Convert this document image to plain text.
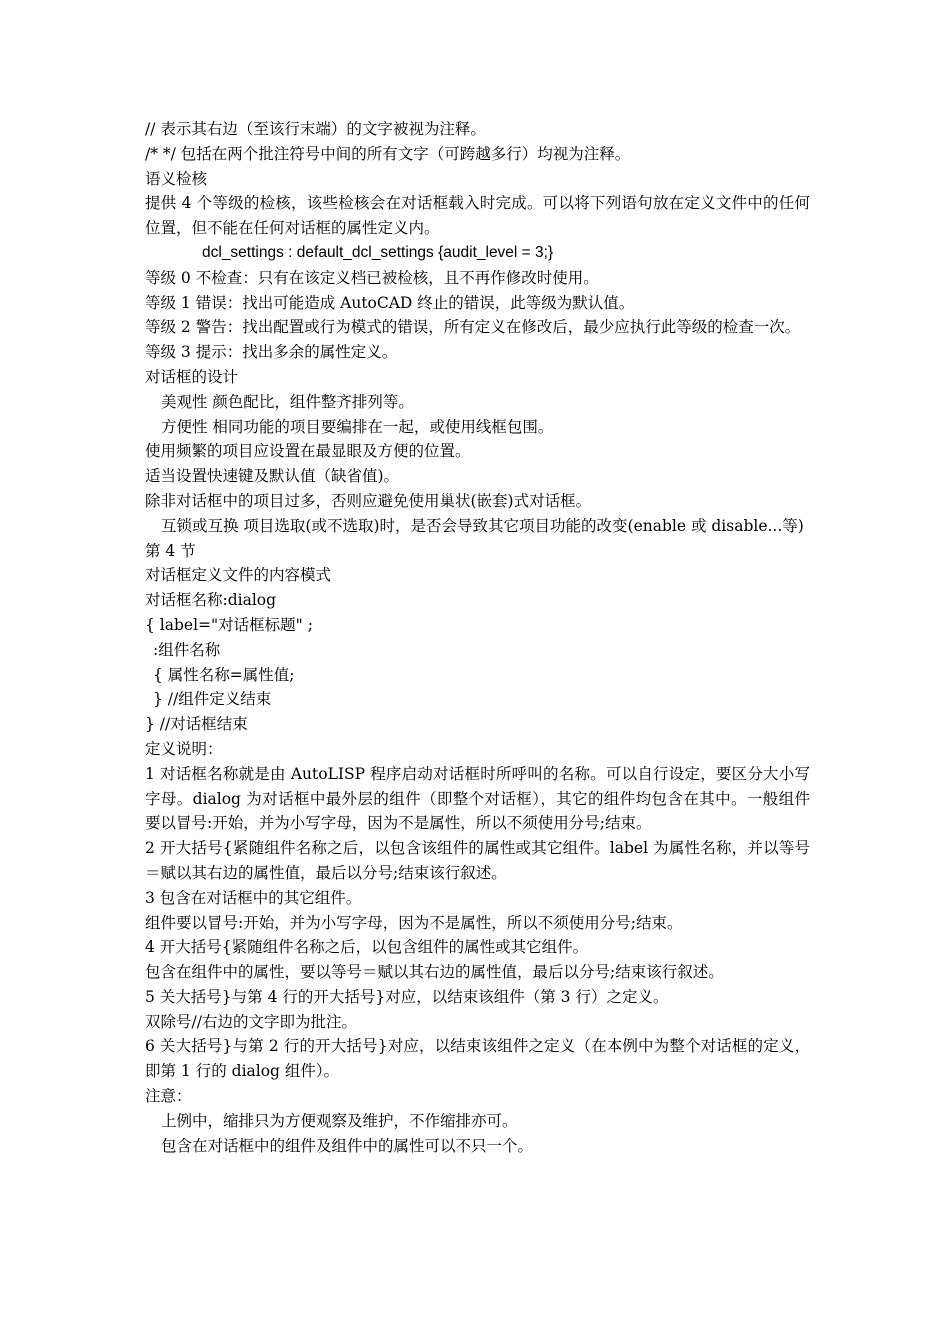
// 表示其右边（至该行末端）的文字被视为注释。
/* */ 包括在两个批注符号中间的所有文字（可跨越多行）均视为注释。
语义检核
提供 4 个等级的检核，该些检核会在对话框载入时完成。可以将下列语句放在定义文件中的任何位置，但不能在任何对话框的属性定义内。
dcl_settings : default_dcl_settings {audit_level = 3;}
等级 0 不检查：只有在该定义档已被检核，且不再作修改时使用。
等级 1 错误：找出可能造成 AutoCAD 终止的错误，此等级为默认值。
等级 2 警告：找出配置或行为模式的错误，所有定义在修改后，最少应执行此等级的检查一次。
等级 3 提示：找出多余的属性定义。
对话框的设计
美观性 颜色配比，组件整齐排列等。
方便性 相同功能的项目要编排在一起，或使用线框包围。
使用频繁的项目应设置在最显眼及方便的位置。
适当设置快速键及默认值（缺省值)。
除非对话框中的项目过多，否则应避免使用巢状(嵌套)式对话框。
互锁或互换 项目选取(或不选取)时，是否会导致其它项目功能的改变(enable 或 disable...等)
第 4 节
对话框定义文件的内容模式
对话框名称:dialog
{ label="对话框标题" ;
:组件名称
{ 属性名称=属性值;
} //组件定义结束
} //对话框结束
定义说明：
1 对话框名称就是由 AutoLISP 程序启动对话框时所呼叫的名称。可以自行设定，要区分大小写字母。dialog 为对话框中最外层的组件（即整个对话框），其它的组件均包含在其中。一般组件要以冒号:开始，并为小写字母，因为不是属性，所以不须使用分号;结束。
2 开大括号{紧随组件名称之后，以包含该组件的属性或其它组件。label 为属性名称，并以等号＝赋以其右边的属性值，最后以分号;结束该行叙述。
3 包含在对话框中的其它组件。
组件要以冒号:开始，并为小写字母，因为不是属性，所以不须使用分号;结束。
4 开大括号{紧随组件名称之后，以包含组件的属性或其它组件。
包含在组件中的属性，要以等号＝赋以其右边的属性值，最后以分号;结束该行叙述。
5 关大括号}与第 4 行的开大括号}对应，以结束该组件（第 3 行）之定义。
双除号//右边的文字即为批注。
6 关大括号}与第 2 行的开大括号}对应，以结束该组件之定义（在本例中为整个对话框的定义，即第 1 行的 dialog 组件）。
注意：
上例中，缩排只为方便观察及维护，不作缩排亦可。
包含在对话框中的组件及组件中的属性可以不只一个。
